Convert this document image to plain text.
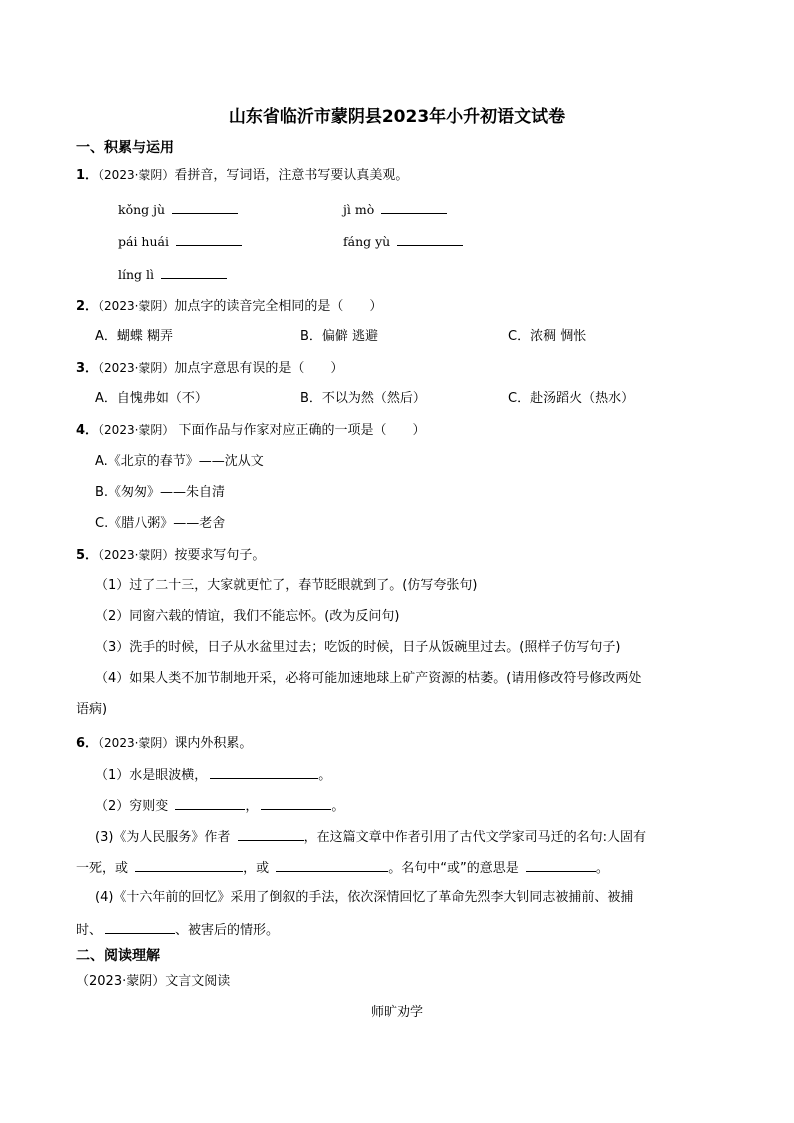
山东省临沂市蒙阴县2023年小升初语文试卷
一、积累与运用
1．（2023·蒙阴）看拼音，写词语，注意书写要认真美观。
kǒng jù	jì mò
pái huái	fáng yù
líng lì
2．（2023·蒙阴）加点字的读音完全相同的是（　　）
A．蝴蝶 糊弄	B．偏僻 逃避	C．浓稠 惆怅
3．（2023·蒙阴）加点字意思有误的是（　　）
A．自愧弗如（不）	B．不以为然（然后）	C．赴汤蹈火（热水）
4．（2023·蒙阴） 下面作品与作家对应正确的一项是（　　）
A.《北京的春节》——沈从文
B.《匆匆》——朱自清
C.《腊八粥》——老舍
5．（2023·蒙阴）按要求写句子。
（1）过了二十三，大家就更忙了，春节眨眼就到了。(仿写夸张句)
（2）同窗六载的情谊，我们不能忘怀。(改为反问句)
（3）洗手的时候，日子从水盆里过去；吃饭的时候，日子从饭碗里过去。(照样子仿写句子)
（4）如果人类不加节制地开采，必将可能加速地球上矿产资源的枯萎。(请用修改符号修改两处
语病)
6．（2023·蒙阴）课内外积累。
（1）水是眼波横，	。
（2）穷则变	，	。
(3)《为人民服务》作者	，在这篇文章中作者引用了古代文学家司马迁的名句:人固有
一死，或	，或	。名句中“或”的意思是	。
(4)《十六年前的回忆》采用了倒叙的手法，依次深情回忆了革命先烈李大钊同志被捕前、被捕
时、	、被害后的情形。
二、阅读理解
（2023·蒙阴）文言文阅读
师旷劝学
